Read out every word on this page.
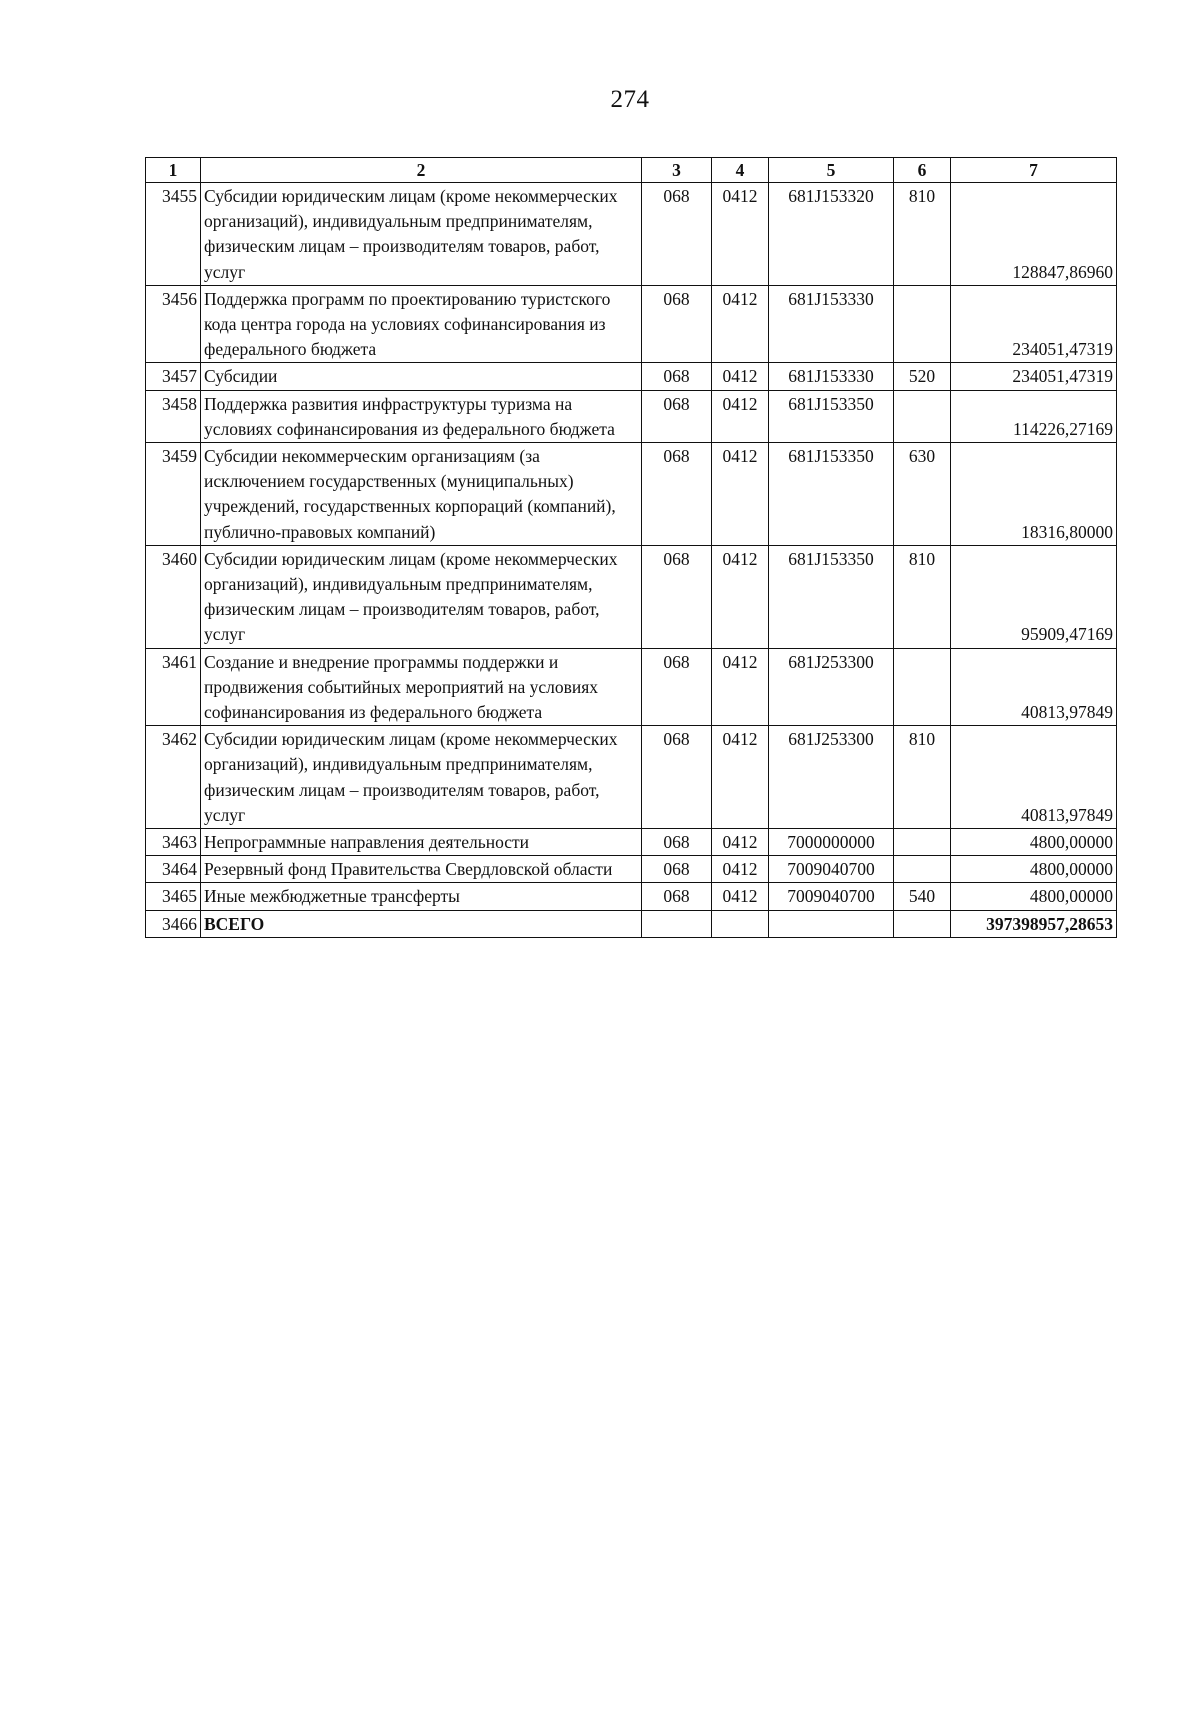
274
1	2	3	4	5	6	7
3455	Субсидии юридическим лицам (кроме некоммерческих организаций), индивидуальным предпринимателям, физическим лицам – производителям товаров, работ, услуг	068	0412	681J153320	810	128847,86960
3456	Поддержка программ по проектированию туристского кода центра города на условиях софинансирования из федерального бюджета	068	0412	681J153330		234051,47319
3457	Субсидии	068	0412	681J153330	520	234051,47319
3458	Поддержка развития инфраструктуры туризма на условиях софинансирования из федерального бюджета	068	0412	681J153350		114226,27169
3459	Субсидии некоммерческим организациям (за исключением государственных (муниципальных) учреждений, государственных корпораций (компаний), публично-правовых компаний)	068	0412	681J153350	630	18316,80000
3460	Субсидии юридическим лицам (кроме некоммерческих организаций), индивидуальным предпринимателям, физическим лицам – производителям товаров, работ, услуг	068	0412	681J153350	810	95909,47169
3461	Создание и внедрение программы поддержки и продвижения событийных мероприятий на условиях софинансирования из федерального бюджета	068	0412	681J253300		40813,97849
3462	Субсидии юридическим лицам (кроме некоммерческих организаций), индивидуальным предпринимателям, физическим лицам – производителям товаров, работ, услуг	068	0412	681J253300	810	40813,97849
3463	Непрограммные направления деятельности	068	0412	7000000000		4800,00000
3464	Резервный фонд Правительства Свердловской области	068	0412	7009040700		4800,00000
3465	Иные межбюджетные трансферты	068	0412	7009040700	540	4800,00000
3466	ВСЕГО					397398957,28653
